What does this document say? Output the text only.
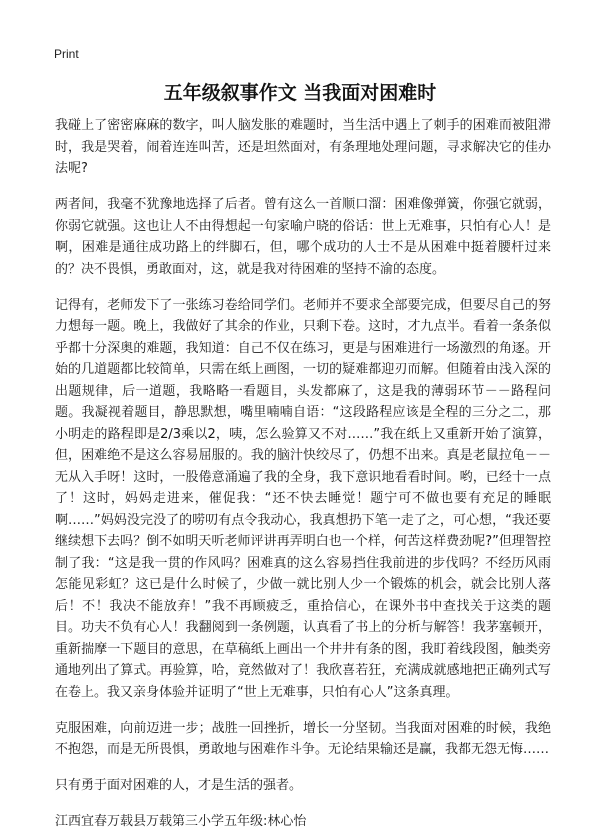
Print
五年级叙事作文 当我面对困难时

我碰上了密密麻麻的数字，叫人脑发胀的难题时，当生活中遇上了刺手的困难而被阻滞时，我是哭着，闹着连连叫苦，还是坦然面对，有条理地处理问题，寻求解决它的佳办法呢?

两者间，我毫不犹豫地选择了后者。曾有这么一首顺口溜：困难像弹簧，你强它就弱，你弱它就强。这也让人不由得想起一句家喻户晓的俗话：世上无难事，只怕有心人！是啊，困难是通往成功路上的绊脚石，但，哪个成功的人士不是从困难中挺着腰杆过来的？决不畏惧，勇敢面对，这，就是我对待困难的坚持不渝的态度。

记得有，老师发下了一张练习卷给同学们。老师并不要求全部要完成，但要尽自己的努力想每一题。晚上，我做好了其余的作业，只剩下卷。这时，才九点半。看着一条条似乎都十分深奥的难题，我知道：自己不仅在练习，更是与困难进行一场激烈的角逐。开始的几道题都比较简单，只需在纸上画图，一切的疑难都迎刃而解。但随着由浅入深的出题规律，后一道题，我略略一看题目，头发都麻了，这是我的薄弱环节－－路程问题。我凝视着题目，静思默想，嘴里喃喃自语：“这段路程应该是全程的三分之二，那小明走的路程即是2/3乘以2，咦，怎么验算又不对……”我在纸上又重新开始了演算，但，困难绝不是这么容易屈服的。我的脑汁快绞尽了，仍想不出来。真是老鼠拉龟－－无从入手呀！这时，一股倦意涌遍了我的全身，我下意识地看看时间。哟，已经十一点了！这时，妈妈走进来，催促我：“还不快去睡觉！题宁可不做也要有充足的睡眠啊……”妈妈没完没了的唠叨有点令我动心，我真想扔下笔一走了之，可心想，“我还要继续想下去吗？倒不如明天听老师评讲再弄明白也一个样，何苦这样费劲呢?”但理智控制了我：“这是我一贯的作风吗？困难真的这么容易挡住我前进的步伐吗？不经历风雨怎能见彩虹？这已是什么时候了，少做一就比别人少一个锻炼的机会，就会比别人落后！不！我决不能放弃！”我不再顾疲乏，重拾信心，在课外书中查找关于这类的题目。功夫不负有心人！我翻阅到一条例题，认真看了书上的分析与解答！我茅塞顿开，重新揣摩一下题目的意思，在草稿纸上画出一个井井有条的图，我盯着线段图，触类旁通地列出了算式。再验算，哈，竟然做对了！我欣喜若狂，充满成就感地把正确列式写在卷上。我又亲身体验并证明了“世上无难事，只怕有心人”这条真理。

克服困难，向前迈进一步；战胜一回挫折，增长一分坚韧。当我面对困难的时候，我绝不抱怨，而是无所畏惧，勇敢地与困难作斗争。无论结果输还是赢，我都无怨无悔……

只有勇于面对困难的人，才是生活的强者。

江西宜春万载县万载第三小学五年级:林心怡
